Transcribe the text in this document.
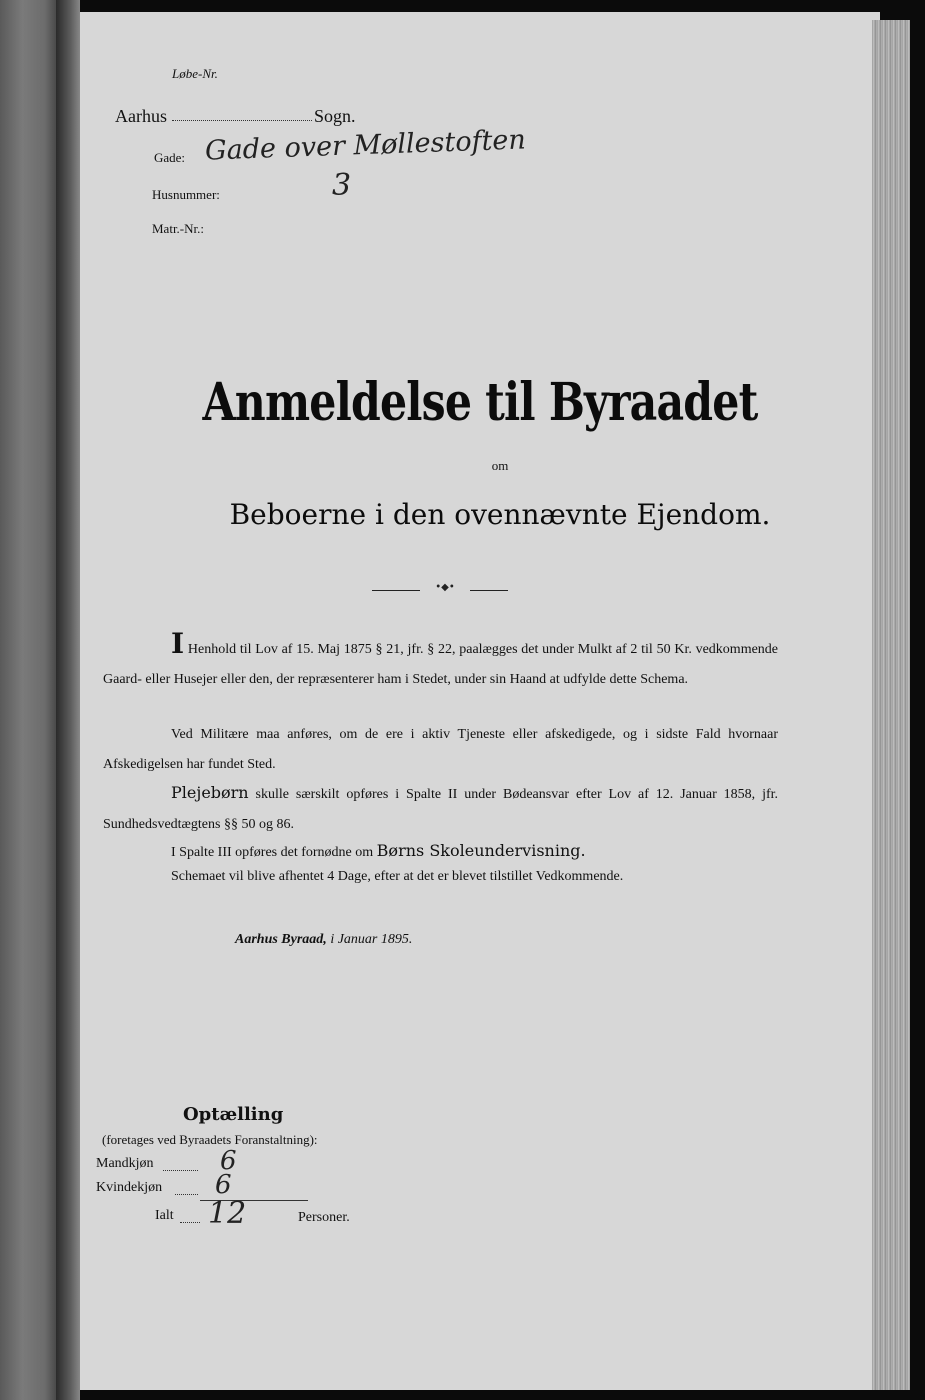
Løbe-Nr.
Aarhus	Sogn.
Gade: Gade over Møllestoften
Husnummer:	3
Matr.-Nr.:
Anmeldelse til Byraadet
om
Beboerne i den ovennævnte Ejendom.
•◆•
I Henhold til Lov af 15. Maj 1875 § 21, jfr. § 22, paalægges det under Mulkt af 2 til 50 Kr. vedkommende Gaard- eller Husejer eller den, der repræsenterer ham i Stedet, under sin Haand at udfylde dette Schema.
Ved Militære maa anføres, om de ere i aktiv Tjeneste eller afskedigede, og i sidste Fald hvornaar Afskedigelsen har fundet Sted.
Plejebørn skulle særskilt opføres i Spalte II under Bødeansvar efter Lov af 12. Januar 1858, jfr. Sundhedsvedtægtens §§ 50 og 86.
I Spalte III opføres det fornødne om Børns Skoleundervisning.
Schemaet vil blive afhentet 4 Dage, efter at det er blevet tilstillet Vedkommende.
Aarhus Byraad, i Januar 1895.
Optælling
(foretages ved Byraadets Foranstaltning):
Mandkjøn	6
Kvindekjøn 6
Ialt 12	Personer.
